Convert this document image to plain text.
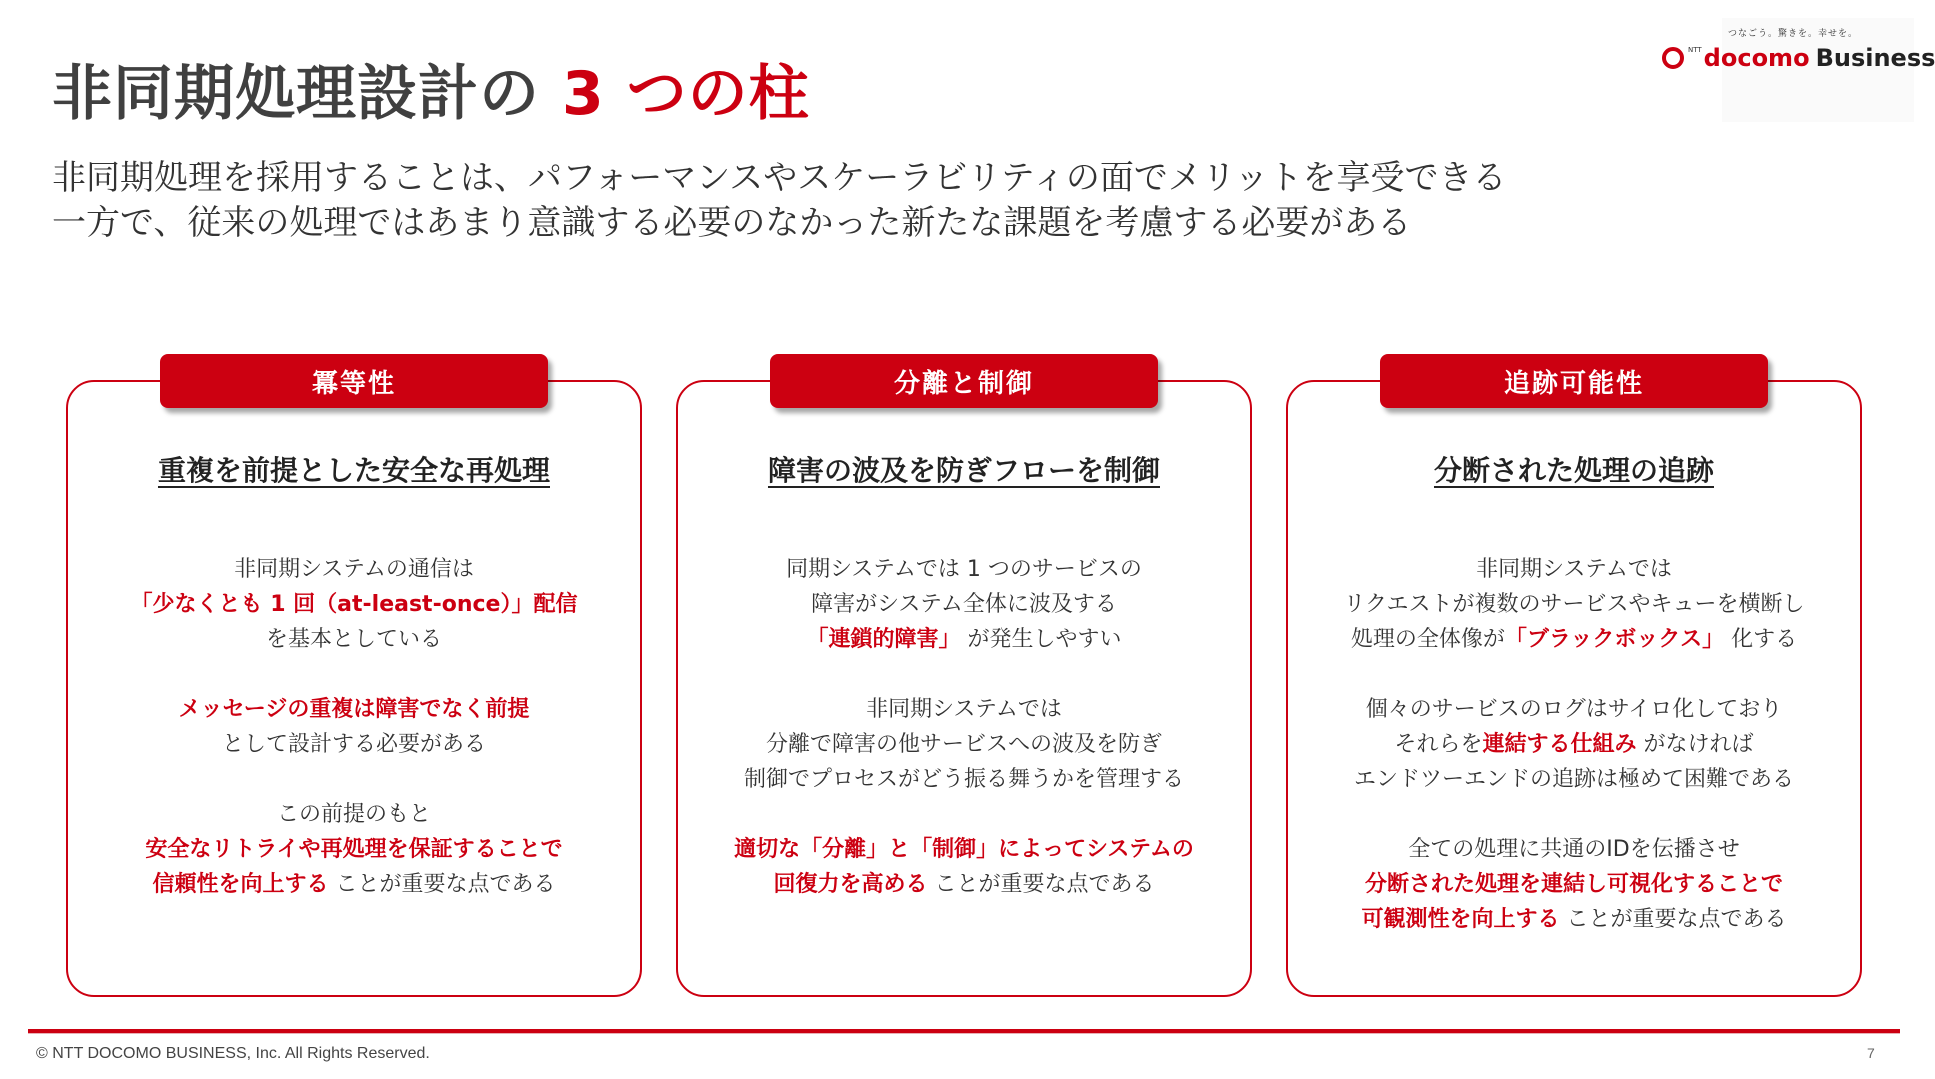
非同期処理設計の 3 つの柱
つなごう。驚きを。幸せを。
NTT docomo Business
非同期処理を採用することは、パフォーマンスやスケーラビリティの面でメリットを享受できる
一方で、従来の処理ではあまり意識する必要のなかった新たな課題を考慮する必要がある
冪等性
重複を前提とした安全な再処理
非同期システムの通信は
「少なくとも 1 回（at-least-once）」配信
を基本としている
メッセージの重複は障害でなく前提
として設計する必要がある
この前提のもと
安全なリトライや再処理を保証することで
信頼性を向上する ことが重要な点である
分離と制御
障害の波及を防ぎフローを制御
同期システムでは 1 つのサービスの
障害がシステム全体に波及する
「連鎖的障害」 が発生しやすい
非同期システムでは
分離で障害の他サービスへの波及を防ぎ
制御でプロセスがどう振る舞うかを管理する
適切な「分離」と「制御」によってシステムの
回復力を高める ことが重要な点である
追跡可能性
分断された処理の追跡
非同期システムでは
リクエストが複数のサービスやキューを横断し
処理の全体像が「ブラックボックス」 化する
個々のサービスのログはサイロ化しており
それらを連結する仕組み がなければ
エンドツーエンドの追跡は極めて困難である
全ての処理に共通のIDを伝播させ
分断された処理を連結し可視化することで
可観測性を向上する ことが重要な点である
© NTT DOCOMO BUSINESS, Inc. All Rights Reserved.	7
